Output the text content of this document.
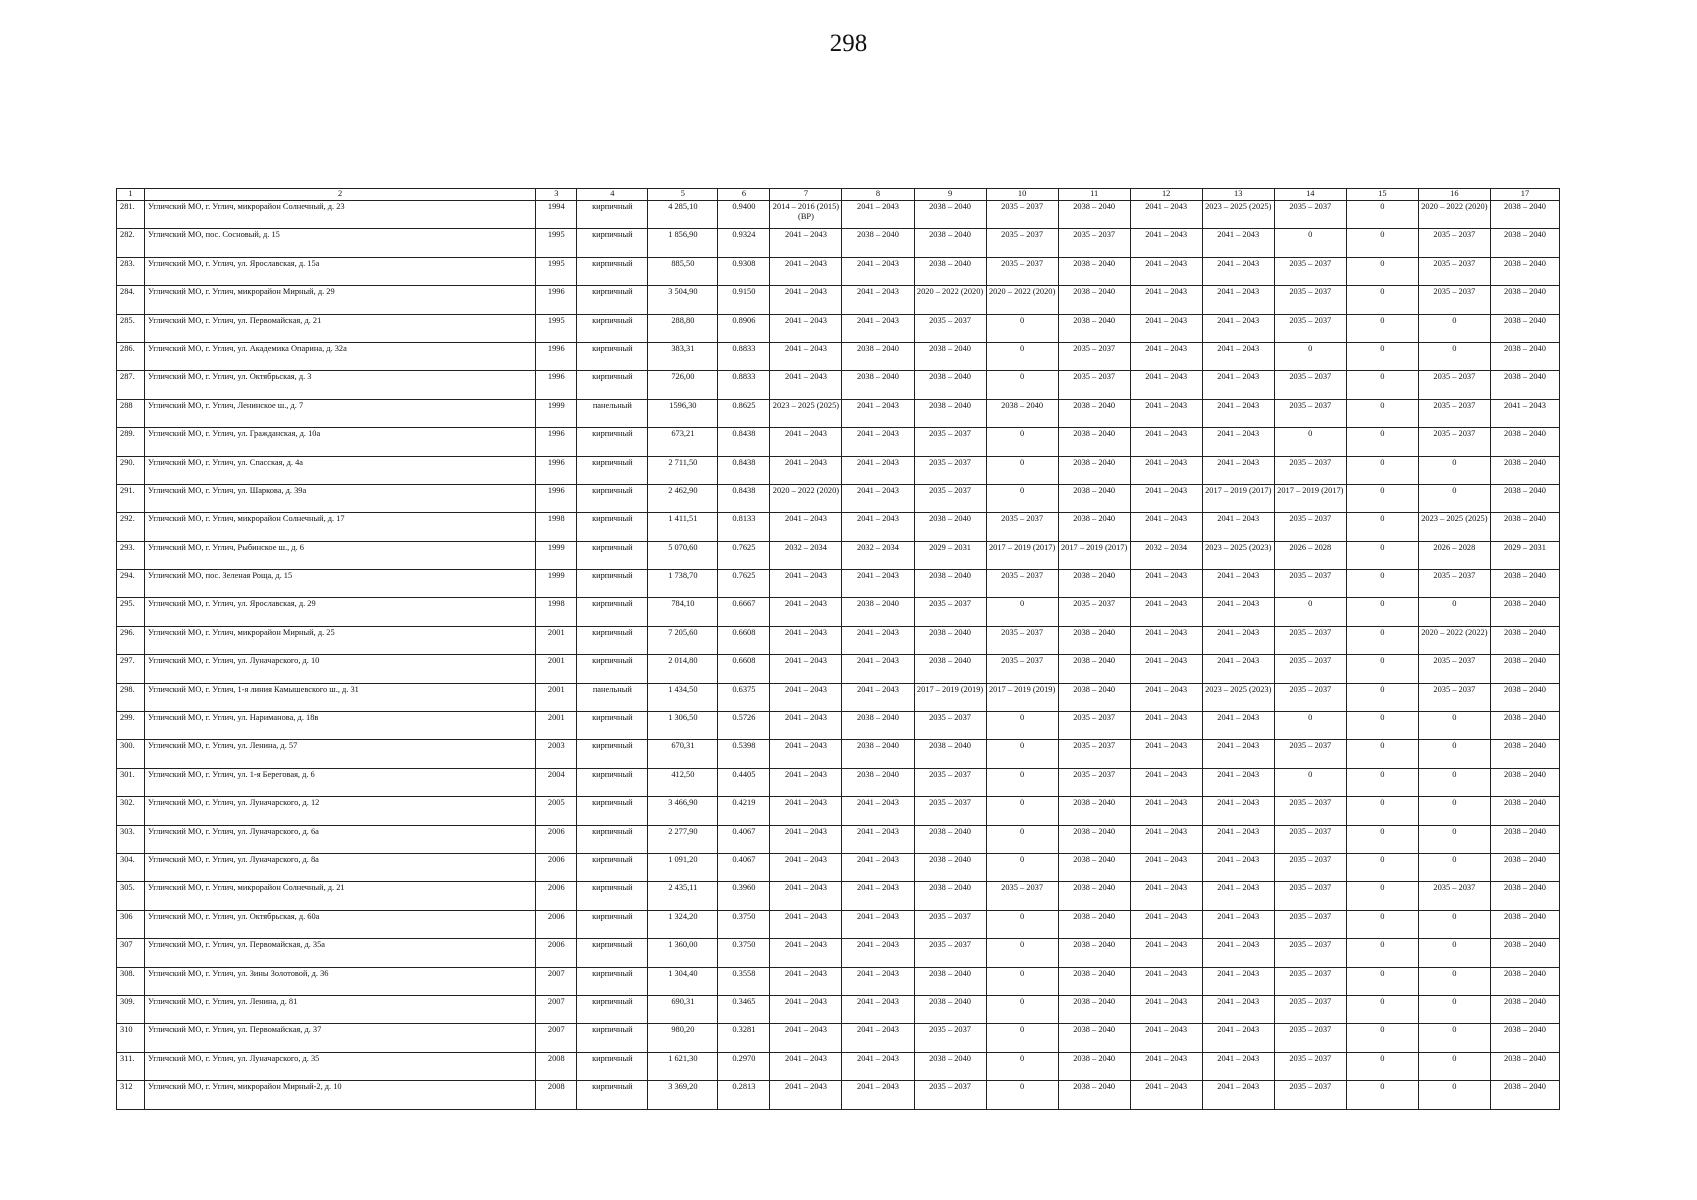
298
1	2	3	4	5	6	7	8	9	10	11	12	13	14	15	16	17
281.	Угличский МО, г. Углич, микрорайон Солнечный, д. 23	1994	кирпичный	4 285,10	0.9400	2014 – 2016 (2015) (ВР)	2041 – 2043	2038 – 2040	2035 – 2037	2038 – 2040	2041 – 2043	2023 – 2025 (2025)	2035 – 2037	0	2020 – 2022 (2020)	2038 – 2040
282.	Угличский МО, пос. Сосновый, д. 15	1995	кирпичный	1 856,90	0.9324	2041 – 2043	2038 – 2040	2038 – 2040	2035 – 2037	2035 – 2037	2041 – 2043	2041 – 2043	0	0	2035 – 2037	2038 – 2040
283.	Угличский МО, г. Углич, ул. Ярославская, д. 15а	1995	кирпичный	885,50	0.9308	2041 – 2043	2041 – 2043	2038 – 2040	2035 – 2037	2038 – 2040	2041 – 2043	2041 – 2043	2035 – 2037	0	2035 – 2037	2038 – 2040
284.	Угличский МО, г. Углич, микрорайон Мирный, д. 29	1996	кирпичный	3 504,90	0.9150	2041 – 2043	2041 – 2043	2020 – 2022 (2020)	2020 – 2022 (2020)	2038 – 2040	2041 – 2043	2041 – 2043	2035 – 2037	0	2035 – 2037	2038 – 2040
285.	Угличский МО, г. Углич, ул. Первомайская, д. 21	1995	кирпичный	288,80	0.8906	2041 – 2043	2041 – 2043	2035 – 2037	0	2038 – 2040	2041 – 2043	2041 – 2043	2035 – 2037	0	0	2038 – 2040
286.	Угличский МО, г. Углич, ул. Академика Опарина, д. 32а	1996	кирпичный	383,31	0.8833	2041 – 2043	2038 – 2040	2038 – 2040	0	2035 – 2037	2041 – 2043	2041 – 2043	0	0	0	2038 – 2040
287.	Угличский МО, г. Углич, ул. Октябрьская, д. 3	1996	кирпичный	726,00	0.8833	2041 – 2043	2038 – 2040	2038 – 2040	0	2035 – 2037	2041 – 2043	2041 – 2043	2035 – 2037	0	2035 – 2037	2038 – 2040
288	Угличский МО, г. Углич, Ленинское ш., д. 7	1999	панельный	1596,30	0.8625	2023 – 2025 (2025)	2041 – 2043	2038 – 2040	2038 – 2040	2038 – 2040	2041 – 2043	2041 – 2043	2035 – 2037	0	2035 – 2037	2041 – 2043
289.	Угличский МО, г. Углич, ул. Гражданская, д. 10а	1996	кирпичный	673,21	0.8438	2041 – 2043	2041 – 2043	2035 – 2037	0	2038 – 2040	2041 – 2043	2041 – 2043	0	0	2035 – 2037	2038 – 2040
290.	Угличский МО, г. Углич, ул. Спасская, д. 4а	1996	кирпичный	2 711,50	0.8438	2041 – 2043	2041 – 2043	2035 – 2037	0	2038 – 2040	2041 – 2043	2041 – 2043	2035 – 2037	0	0	2038 – 2040
291.	Угличский МО, г. Углич, ул. Шаркова, д. 39а	1996	кирпичный	2 462,90	0.8438	2020 – 2022 (2020)	2041 – 2043	2035 – 2037	0	2038 – 2040	2041 – 2043	2017 – 2019 (2017)	2017 – 2019 (2017)	0	0	2038 – 2040
292.	Угличский МО, г. Углич, микрорайон Солнечный, д. 17	1998	кирпичный	1 411,51	0.8133	2041 – 2043	2041 – 2043	2038 – 2040	2035 – 2037	2038 – 2040	2041 – 2043	2041 – 2043	2035 – 2037	0	2023 – 2025 (2025)	2038 – 2040
293.	Угличский МО, г. Углич, Рыбинское ш., д. 6	1999	кирпичный	5 070,60	0.7625	2032 – 2034	2032 – 2034	2029 – 2031	2017 – 2019 (2017)	2017 – 2019 (2017)	2032 – 2034	2023 – 2025 (2023)	2026 – 2028	0	2026 – 2028	2029 – 2031
294.	Угличский МО, пос. Зеленая Роща, д. 15	1999	кирпичный	1 738,70	0.7625	2041 – 2043	2041 – 2043	2038 – 2040	2035 – 2037	2038 – 2040	2041 – 2043	2041 – 2043	2035 – 2037	0	2035 – 2037	2038 – 2040
295.	Угличский МО, г. Углич, ул. Ярославская, д. 29	1998	кирпичный	784,10	0.6667	2041 – 2043	2038 – 2040	2035 – 2037	0	2035 – 2037	2041 – 2043	2041 – 2043	0	0	0	2038 – 2040
296.	Угличский МО, г. Углич, микрорайон Мирный, д. 25	2001	кирпичный	7 205,60	0.6608	2041 – 2043	2041 – 2043	2038 – 2040	2035 – 2037	2038 – 2040	2041 – 2043	2041 – 2043	2035 – 2037	0	2020 – 2022 (2022)	2038 – 2040
297.	Угличский МО, г. Углич, ул. Луначарского, д. 10	2001	кирпичный	2 014,80	0.6608	2041 – 2043	2041 – 2043	2038 – 2040	2035 – 2037	2038 – 2040	2041 – 2043	2041 – 2043	2035 – 2037	0	2035 – 2037	2038 – 2040
298.	Угличский МО, г. Углич, 1-я линия Камышевского ш., д. 31	2001	панельный	1 434,50	0.6375	2041 – 2043	2041 – 2043	2017 – 2019 (2019)	2017 – 2019 (2019)	2038 – 2040	2041 – 2043	2023 – 2025 (2023)	2035 – 2037	0	2035 – 2037	2038 – 2040
299.	Угличский МО, г. Углич, ул. Нариманова, д. 18в	2001	кирпичный	1 306,50	0.5726	2041 – 2043	2038 – 2040	2035 – 2037	0	2035 – 2037	2041 – 2043	2041 – 2043	0	0	0	2038 – 2040
300.	Угличский МО, г. Углич, ул. Ленина, д. 57	2003	кирпичный	670,31	0.5398	2041 – 2043	2038 – 2040	2038 – 2040	0	2035 – 2037	2041 – 2043	2041 – 2043	2035 – 2037	0	0	2038 – 2040
301.	Угличский МО, г. Углич, ул. 1-я Береговая, д. 6	2004	кирпичный	412,50	0.4405	2041 – 2043	2038 – 2040	2035 – 2037	0	2035 – 2037	2041 – 2043	2041 – 2043	0	0	0	2038 – 2040
302.	Угличский МО, г. Углич, ул. Луначарского, д. 12	2005	кирпичный	3 466,90	0.4219	2041 – 2043	2041 – 2043	2035 – 2037	0	2038 – 2040	2041 – 2043	2041 – 2043	2035 – 2037	0	0	2038 – 2040
303.	Угличский МО, г. Углич, ул. Луначарского, д. 6а	2006	кирпичный	2 277,90	0.4067	2041 – 2043	2041 – 2043	2038 – 2040	0	2038 – 2040	2041 – 2043	2041 – 2043	2035 – 2037	0	0	2038 – 2040
304.	Угличский МО, г. Углич, ул. Луначарского, д. 8а	2006	кирпичный	1 091,20	0.4067	2041 – 2043	2041 – 2043	2038 – 2040	0	2038 – 2040	2041 – 2043	2041 – 2043	2035 – 2037	0	0	2038 – 2040
305.	Угличский МО, г. Углич, микрорайон Солнечный, д. 21	2006	кирпичный	2 435,11	0.3960	2041 – 2043	2041 – 2043	2038 – 2040	2035 – 2037	2038 – 2040	2041 – 2043	2041 – 2043	2035 – 2037	0	2035 – 2037	2038 – 2040
306	Угличский МО, г. Углич, ул. Октябрьская, д. 60а	2006	кирпичный	1 324,20	0.3750	2041 – 2043	2041 – 2043	2035 – 2037	0	2038 – 2040	2041 – 2043	2041 – 2043	2035 – 2037	0	0	2038 – 2040
307	Угличский МО, г. Углич, ул. Первомайская, д. 35а	2006	кирпичный	1 360,00	0.3750	2041 – 2043	2041 – 2043	2035 – 2037	0	2038 – 2040	2041 – 2043	2041 – 2043	2035 – 2037	0	0	2038 – 2040
308.	Угличский МО, г. Углич, ул. Зины Золотовой, д. 36	2007	кирпичный	1 304,40	0.3558	2041 – 2043	2041 – 2043	2038 – 2040	0	2038 – 2040	2041 – 2043	2041 – 2043	2035 – 2037	0	0	2038 – 2040
309.	Угличский МО, г. Углич, ул. Ленина, д. 81	2007	кирпичный	690,31	0.3465	2041 – 2043	2041 – 2043	2038 – 2040	0	2038 – 2040	2041 – 2043	2041 – 2043	2035 – 2037	0	0	2038 – 2040
310	Угличский МО, г. Углич, ул. Первомайская, д. 37	2007	кирпичный	980,20	0.3281	2041 – 2043	2041 – 2043	2035 – 2037	0	2038 – 2040	2041 – 2043	2041 – 2043	2035 – 2037	0	0	2038 – 2040
311.	Угличский МО, г. Углич, ул. Луначарского, д. 35	2008	кирпичный	1 621,30	0.2970	2041 – 2043	2041 – 2043	2038 – 2040	0	2038 – 2040	2041 – 2043	2041 – 2043	2035 – 2037	0	0	2038 – 2040
312	Угличский МО, г. Углич, микрорайон Мирный-2, д. 10	2008	кирпичный	3 369,20	0.2813	2041 – 2043	2041 – 2043	2035 – 2037	0	2038 – 2040	2041 – 2043	2041 – 2043	2035 – 2037	0	0	2038 – 2040
